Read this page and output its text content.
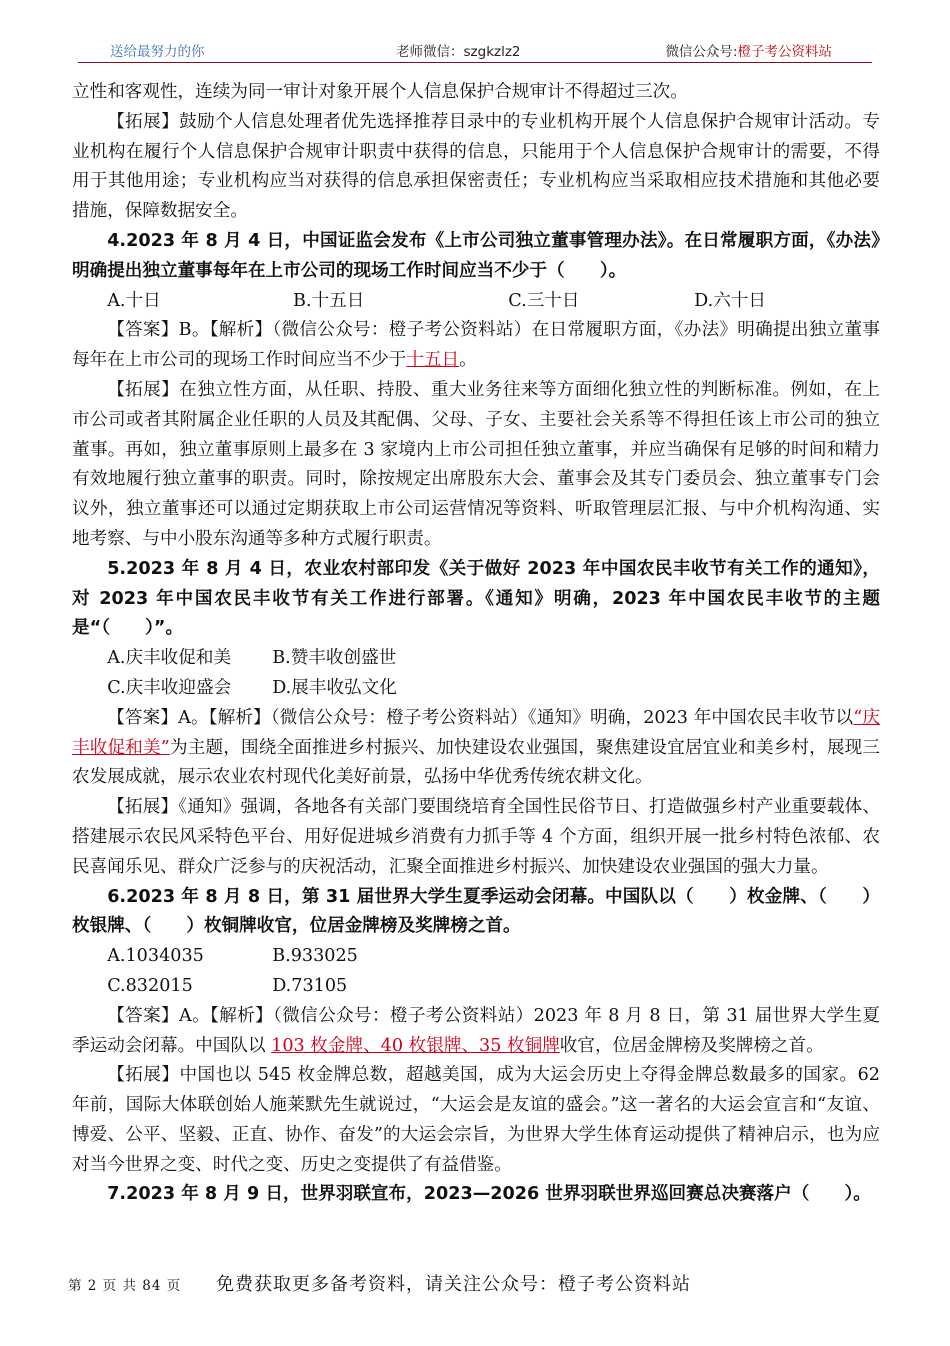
送给最努力的你	老师微信：szgkzlz2	微信公众号:橙子考公资料站

立性和客观性，连续为同一审计对象开展个人信息保护合规审计不得超过三次。

【拓展】鼓励个人信息处理者优先选择推荐目录中的专业机构开展个人信息保护合规审计活动。专业机构在履行个人信息保护合规审计职责中获得的信息，只能用于个人信息保护合规审计的需要，不得用于其他用途；专业机构应当对获得的信息承担保密责任；专业机构应当采取相应技术措施和其他必要措施，保障数据安全。

4.2023 年 8 月 4 日，中国证监会发布《上市公司独立董事管理办法》。在日常履职方面，《办法》明确提出独立董事每年在上市公司的现场工作时间应当不少于（　　）。

A.十日	B.十五日	C.三十日	D.六十日

【答案】B。【解析】（微信公众号：橙子考公资料站）在日常履职方面，《办法》明确提出独立董事每年在上市公司的现场工作时间应当不少于十五日。

【拓展】在独立性方面，从任职、持股、重大业务往来等方面细化独立性的判断标准。例如，在上市公司或者其附属企业任职的人员及其配偶、父母、子女、主要社会关系等不得担任该上市公司的独立董事。再如，独立董事原则上最多在 3 家境内上市公司担任独立董事，并应当确保有足够的时间和精力有效地履行独立董事的职责。同时，除按规定出席股东大会、董事会及其专门委员会、独立董事专门会议外，独立董事还可以通过定期获取上市公司运营情况等资料、听取管理层汇报、与中介机构沟通、实地考察、与中小股东沟通等多种方式履行职责。

5.2023 年 8 月 4 日，农业农村部印发《关于做好 2023 年中国农民丰收节有关工作的通知》，对 2023 年中国农民丰收节有关工作进行部署。《通知》明确，2023 年中国农民丰收节的主题是“（　　）”。

A.庆丰收促和美	B.赞丰收创盛世
C.庆丰收迎盛会	D.展丰收弘文化

【答案】A。【解析】（微信公众号：橙子考公资料站）《通知》明确，2023 年中国农民丰收节以“庆丰收促和美”为主题，围绕全面推进乡村振兴、加快建设农业强国，聚焦建设宜居宜业和美乡村，展现三农发展成就，展示农业农村现代化美好前景，弘扬中华优秀传统农耕文化。

【拓展】《通知》强调，各地各有关部门要围绕培育全国性民俗节日、打造做强乡村产业重要载体、搭建展示农民风采特色平台、用好促进城乡消费有力抓手等 4 个方面，组织开展一批乡村特色浓郁、农民喜闻乐见、群众广泛参与的庆祝活动，汇聚全面推进乡村振兴、加快建设农业强国的强大力量。

6.2023 年 8 月 8 日，第 31 届世界大学生夏季运动会闭幕。中国队以（　　）枚金牌、（　　）枚银牌、（　　）枚铜牌收官，位居金牌榜及奖牌榜之首。

A.1034035	B.933025
C.832015	D.73105

【答案】A。【解析】（微信公众号：橙子考公资料站）2023 年 8 月 8 日，第 31 届世界大学生夏季运动会闭幕。中国队以 103 枚金牌、40 枚银牌、35 枚铜牌收官，位居金牌榜及奖牌榜之首。

【拓展】中国也以 545 枚金牌总数，超越美国，成为大运会历史上夺得金牌总数最多的国家。62 年前，国际大体联创始人施莱默先生就说过，“大运会是友谊的盛会。”这一著名的大运会宣言和“友谊、博爱、公平、坚毅、正直、协作、奋发”的大运会宗旨，为世界大学生体育运动提供了精神启示，也为应对当今世界之变、时代之变、历史之变提供了有益借鉴。

7.2023 年 8 月 9 日，世界羽联宣布，2023—2026 世界羽联世界巡回赛总决赛落户（　　）。

第 2 页 共 84 页 免费获取更多备考资料，请关注公众号：橙子考公资料站
